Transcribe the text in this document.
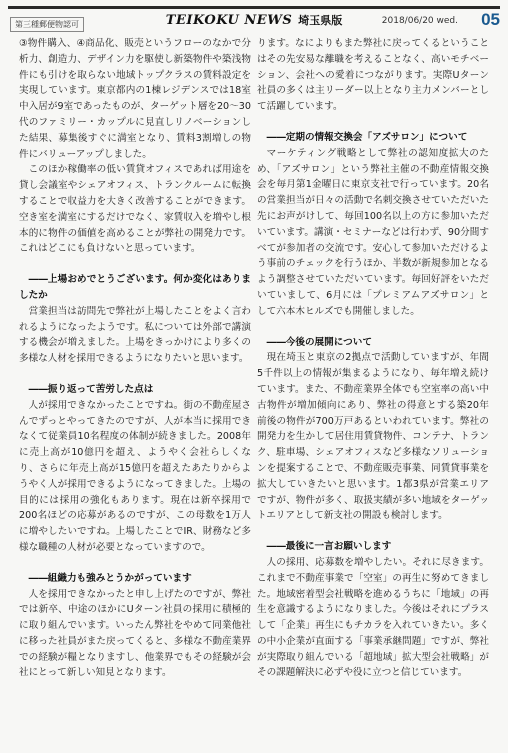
第三種郵便物認可	TEIKOKU NEWS 埼玉県版	2018/06/20 wed. 05

③物件購入、④商品化、販売というフローのなかで分析力、創造力、デザイン力を駆使し新築物件や築浅物件にも引けを取らない地域トップクラスの賃料設定を実現しています。東京都内の1棟レジデンスでは18室中入居が9室であったものが、ターゲット層を20～30代のファミリー・カップルに見直しリノベーションした結果、募集後すぐに満室となり、賃料3割増しの物件にバリューアップしました。

このほか稼働率の低い賃貸オフィスであれば用途を貸し会議室やシェアオフィス、トランクルームに転換することで収益力を大きく改善することができます。空き室を満室にするだけでなく、家賃収入を増やし根本的に物件の価値を高めることが弊社の開発力です。これはどこにも負けないと思っています。

――上場おめでとうございます。何か変化はありましたか

営業担当は訪問先で弊社が上場したことをよく言われるようになったようです。私については外部で講演する機会が増えました。上場をきっかけにより多くの多様な人材を採用できるようになりたいと思います。

――振り返って苦労した点は

人が採用できなかったことですね。街の不動産屋さんでずっとやってきたのですが、人が本当に採用できなくて従業員10名程度の体制が続きました。2008年に売上高が10億円を超え、ようやく会社らしくなり、さらに年売上高が15億円を超えたあたりからようやく人が採用できるようになってきました。上場の目的には採用の強化もあります。現在は新卒採用で200名ほどの応募があるのですが、この母数を1万人に増やしたいですね。上場したことでIR、財務など多様な職種の人材が必要となっていますので。

――組織力も強みとうかがっています

人を採用できなかったと申し上げたのですが、弊社では新卒、中途のほかにUターン社員の採用に積極的に取り組んでいます。いったん弊社をやめて同業他社に移った社員がまた戻ってくると、多様な不動産業界での経験が糧となりますし、他業界でもその経験が会社にとって新しい知見となります。

ります。なによりもまた弊社に戻ってくるということはその先安易な離職を考えることなく、高いモチベーション、会社への愛着につながります。実際Uターン社員の多くは主リーダー以上となり主力メンバーとして活躍しています。

――定期の情報交換会「アズサロン」について

マーケティング戦略として弊社の認知度拡大のため、「アズサロン」という弊社主催の不動産情報交換会を毎月第1金曜日に東京支社で行っています。20名の営業担当が日々の活動で名刺交換させていただいた先にお声がけして、毎回100名以上の方に参加いただいています。講演・セミナーなどは行わず、90分間すべてが参加者の交流です。安心して参加いただけるよう事前のチェックを行うほか、半数が新規参加となるよう調整させていただいています。毎回好評をいただいていまして、6月には「プレミアムアズサロン」として六本木ヒルズでも開催しました。

――今後の展開について

現在埼玉と東京の2拠点で活動していますが、年間5千件以上の情報が集まるようになり、毎年増え続けています。また、不動産業界全体でも空室率の高い中古物件が増加傾向にあり、弊社の得意とする築20年前後の物件が700万戸あるといわれています。弊社の開発力を生かして居住用賃貸物件、コンテナ、トランク、駐車場、シェアオフィスなど多様なソリューションを提案することで、不動産販売事業、同賃貸事業を拡大していきたいと思います。1都3県が営業エリアですが、物件が多く、取扱実績が多い地域をターゲットエリアとして新支社の開設も検討します。

――最後に一言お願いします

人の採用、応募数を増やしたい。それに尽きます。これまで不動産事業で「空室」の再生に努めてきました。地域密着型会社戦略を進めるうちに「地域」の再生を意識するようになりました。今後はそれにプラスして「企業」再生にもチカラを入れていきたい。多くの中小企業が直面する「事業承継問題」ですが、弊社が実際取り組んでいる「超地域」拡大型会社戦略」がその課題解決に必ずや役に立つと信じています。
